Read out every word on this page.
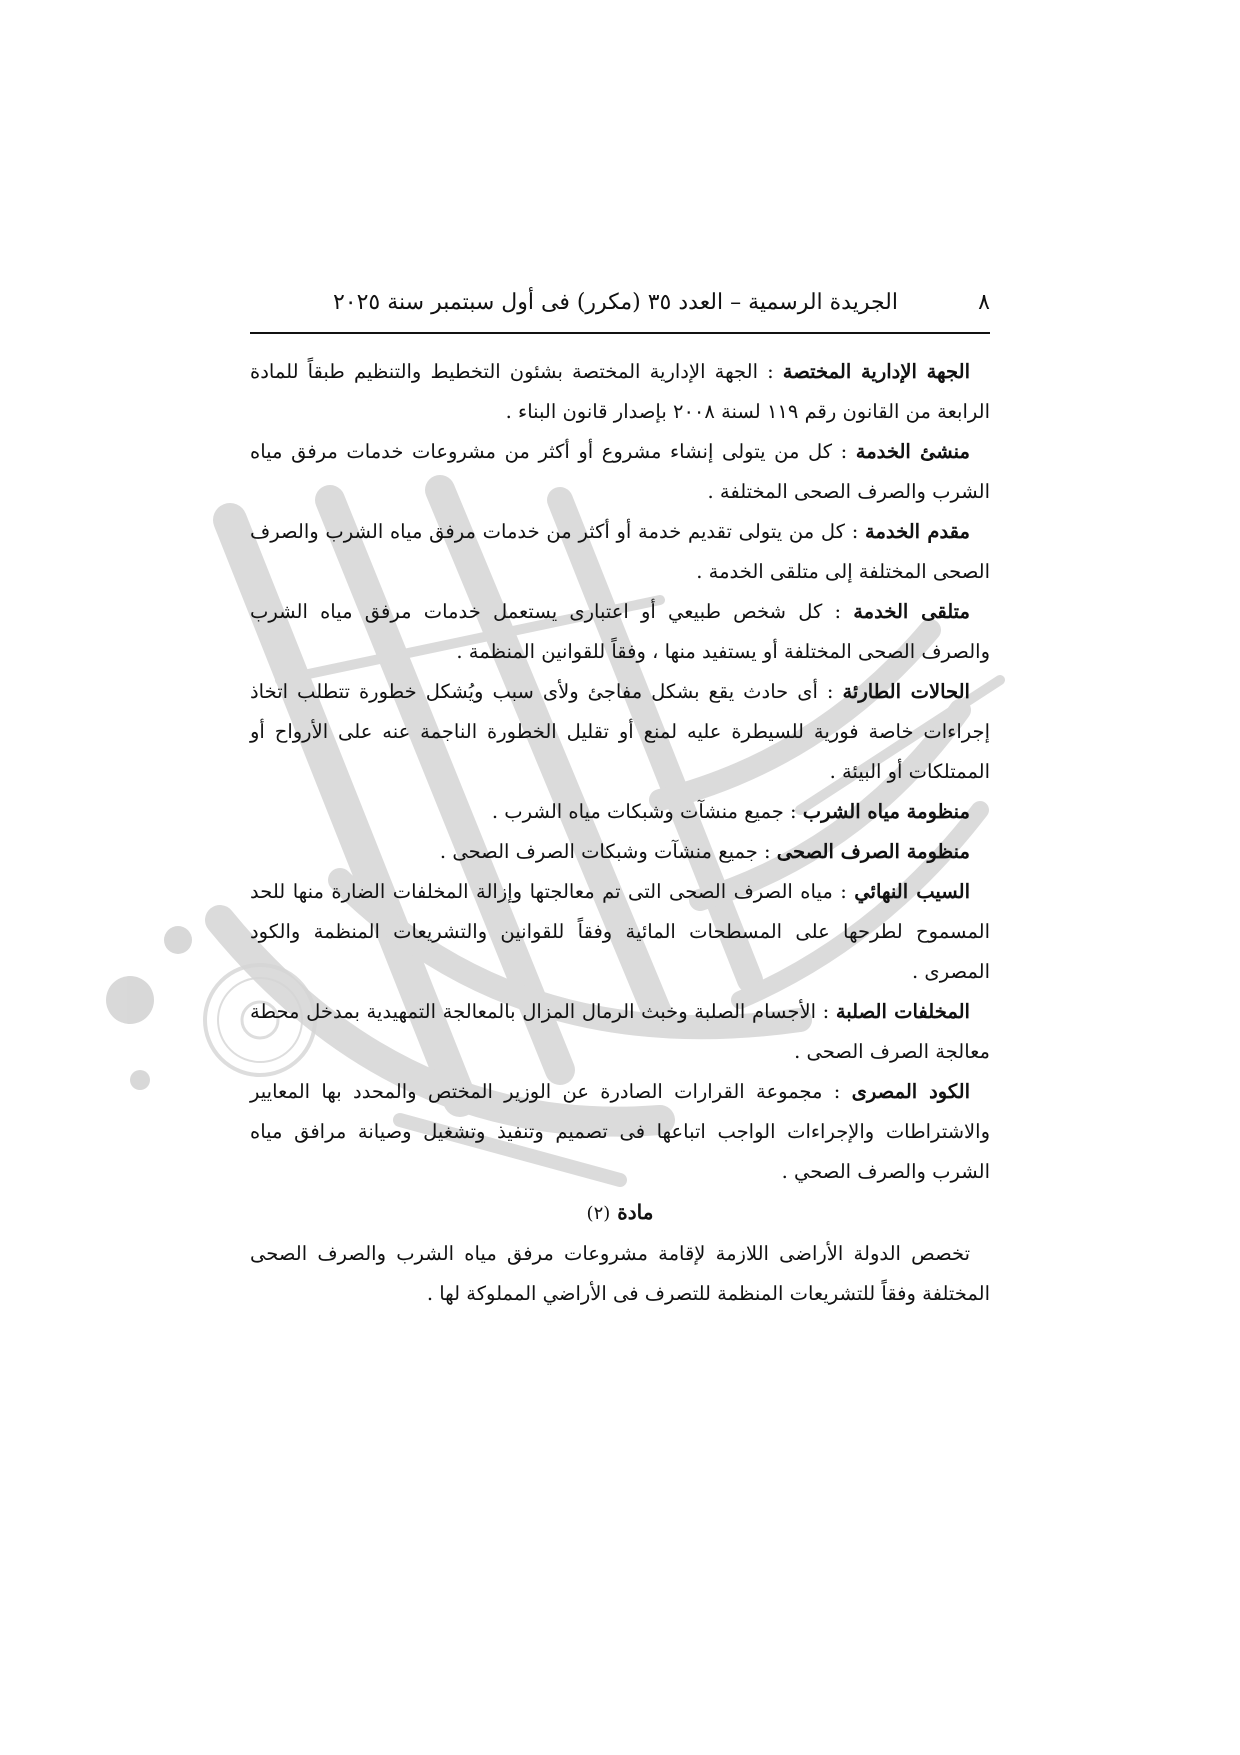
٨
الجريدة الرسمية – العدد ٣٥ (مكرر) فى أول سبتمبر سنة ٢٠٢٥

الجهة الإدارية المختصة : الجهة الإدارية المختصة بشئون التخطيط والتنظيم طبقاً للمادة الرابعة من القانون رقم ١١٩ لسنة ٢٠٠٨ بإصدار قانون البناء .

منشئ الخدمة : كل من يتولى إنشاء مشروع أو أكثر من مشروعات خدمات مرفق مياه الشرب والصرف الصحى المختلفة .

مقدم الخدمة : كل من يتولى تقديم خدمة أو أكثر من خدمات مرفق مياه الشرب والصرف الصحى المختلفة إلى متلقى الخدمة .

متلقى الخدمة : كل شخص طبيعي أو اعتبارى يستعمل خدمات مرفق مياه الشرب والصرف الصحى المختلفة أو يستفيد منها ، وفقاً للقوانين المنظمة .

الحالات الطارئة : أى حادث يقع بشكل مفاجئ ولأى سبب ويُشكل خطورة تتطلب اتخاذ إجراءات خاصة فورية للسيطرة عليه لمنع أو تقليل الخطورة الناجمة عنه على الأرواح أو الممتلكات أو البيئة .

منظومة مياه الشرب : جميع منشآت وشبكات مياه الشرب .

منظومة الصرف الصحى : جميع منشآت وشبكات الصرف الصحى .

السيب النهائي : مياه الصرف الصحى التى تم معالجتها وإزالة المخلفات الضارة منها للحد المسموح لطرحها على المسطحات المائية وفقاً للقوانين والتشريعات المنظمة والكود المصرى .

المخلفات الصلبة : الأجسام الصلبة وخبث الرمال المزال بالمعالجة التمهيدية بمدخل محطة معالجة الصرف الصحى .

الكود المصرى : مجموعة القرارات الصادرة عن الوزير المختص والمحدد بها المعايير والاشتراطات والإجراءات الواجب اتباعها فى تصميم وتنفيذ وتشغيل وصيانة مرافق مياه الشرب والصرف الصحي .

مادة (٢)

تخصص الدولة الأراضى اللازمة لإقامة مشروعات مرفق مياه الشرب والصرف الصحى المختلفة وفقاً للتشريعات المنظمة للتصرف فى الأراضي المملوكة لها .
